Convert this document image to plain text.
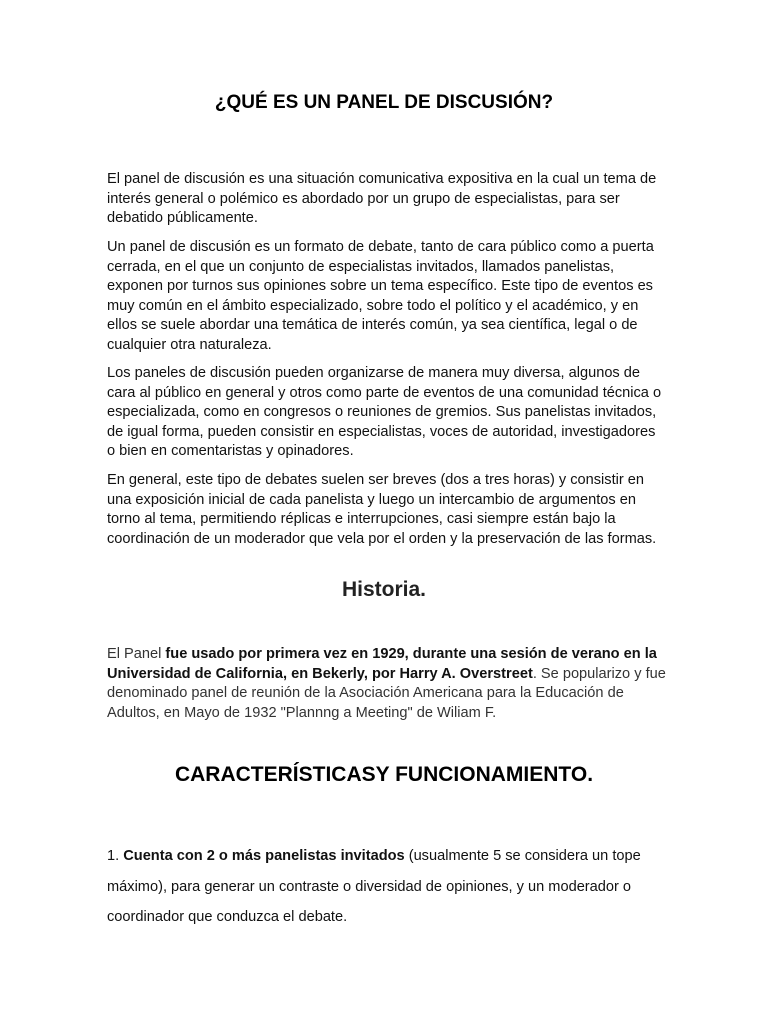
¿QUÉ ES UN PANEL DE DISCUSIÓN?

El panel de discusión es una situación comunicativa expositiva en la cual un tema de interés general o polémico es abordado por un grupo de especialistas, para ser debatido públicamente.

Un panel de discusión es un formato de debate, tanto de cara público como a puerta cerrada, en el que un conjunto de especialistas invitados, llamados panelistas, exponen por turnos sus opiniones sobre un tema específico. Este tipo de eventos es muy común en el ámbito especializado, sobre todo el político y el académico, y en ellos se suele abordar una temática de interés común, ya sea científica, legal o de cualquier otra naturaleza.

Los paneles de discusión pueden organizarse de manera muy diversa, algunos de cara al público en general y otros como parte de eventos de una comunidad técnica o especializada, como en congresos o reuniones de gremios. Sus panelistas invitados, de igual forma, pueden consistir en especialistas, voces de autoridad, investigadores o bien en comentaristas y opinadores.

En general, este tipo de debates suelen ser breves (dos a tres horas) y consistir en una exposición inicial de cada panelista y luego un intercambio de argumentos en torno al tema, permitiendo réplicas e interrupciones, casi siempre están bajo la coordinación de un moderador que vela por el orden y la preservación de las formas.

Historia.

El Panel fue usado por primera vez en 1929, durante una sesión de verano en la Universidad de California, en Bekerly, por Harry A. Overstreet. Se popularizo y fue denominado panel de reunión de la Asociación Americana para la Educación de Adultos, en Mayo de 1932 "Plannng a Meeting" de Wiliam F.

CARACTERÍSTICASY FUNCIONAMIENTO.

1. Cuenta con 2 o más panelistas invitados (usualmente 5 se considera un tope máximo), para generar un contraste o diversidad de opiniones, y un moderador o coordinador que conduzca el debate.
